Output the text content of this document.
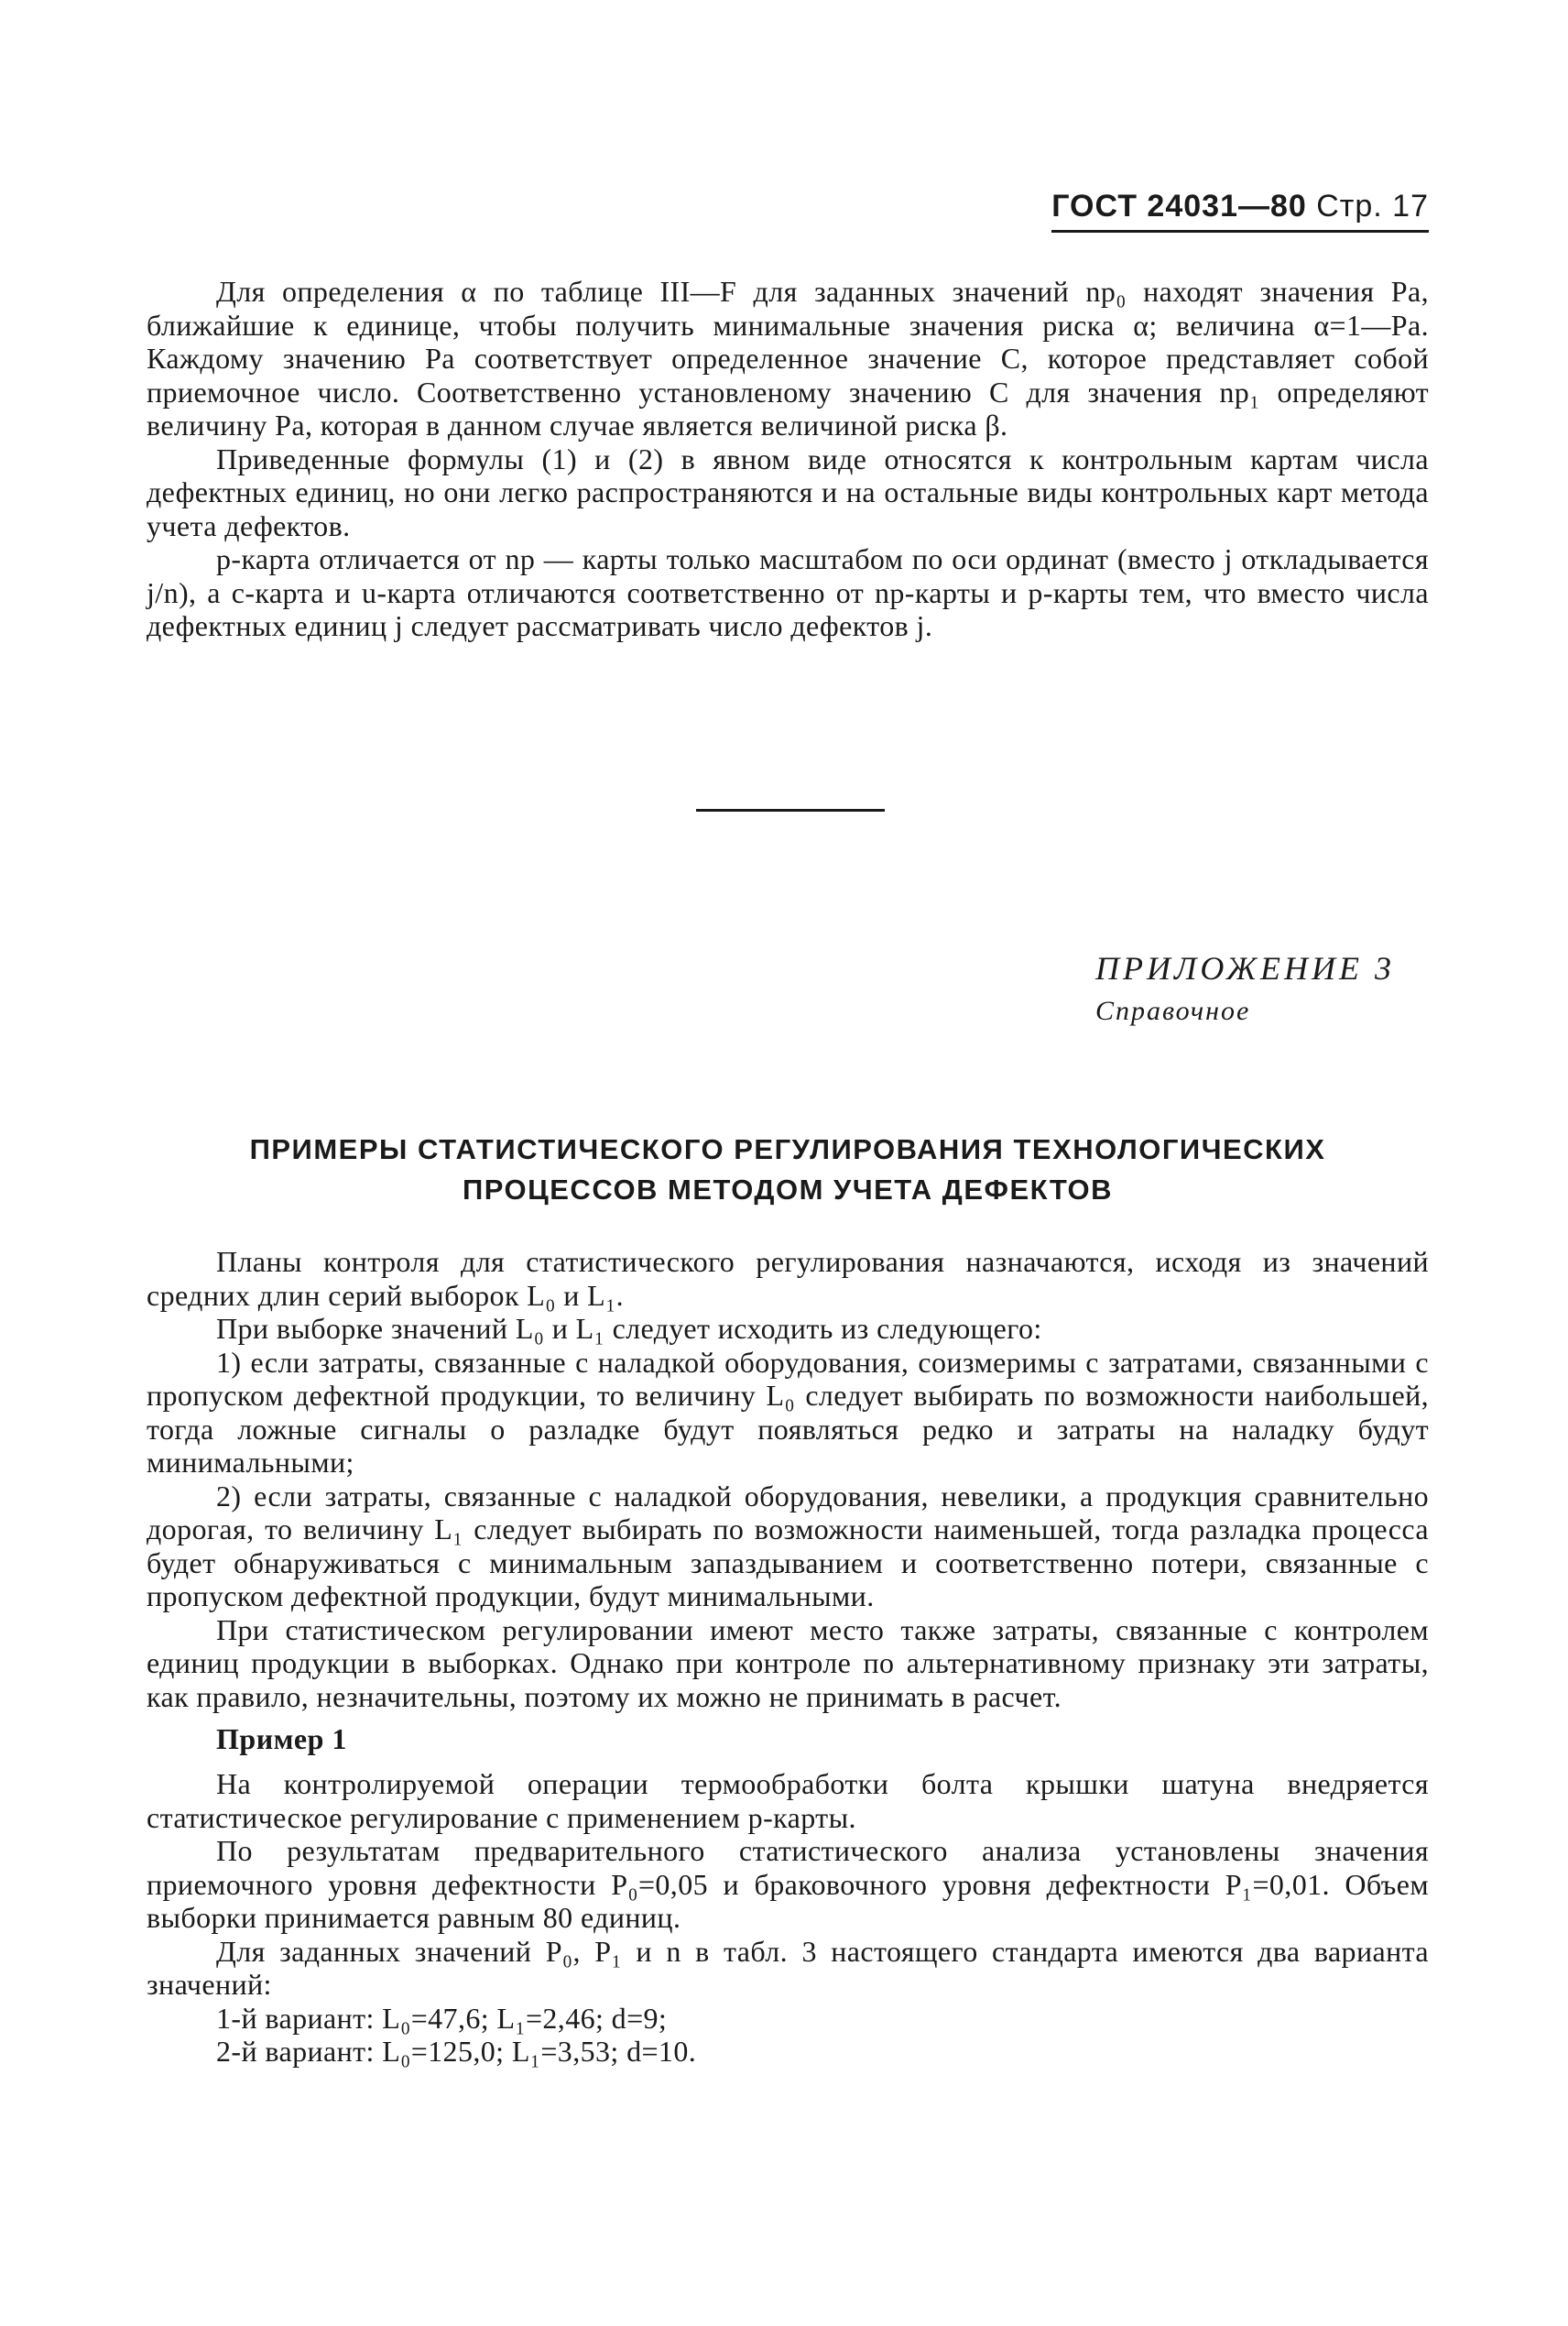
ГОСТ 24031—80 Стр. 17

Для определения α по таблице III—F для заданных значений np₀ находят значения Pa, ближайшие к единице, чтобы получить минимальные значения риска α; величина α=1—Pa. Каждому значению Pa соответствует определенное значение C, которое представляет собой приемочное число. Соответственно установленому значению C для значения np₁ определяют величину Pa, которая в данном случае является величиной риска β.

Приведенные формулы (1) и (2) в явном виде относятся к контрольным картам числа дефектных единиц, но они легко распространяются и на остальные виды контрольных карт метода учета дефектов.

p-карта отличается от np — карты только масштабом по оси ординат (вместо j откладывается j/n), а c-карта и u-карта отличаются соответственно от np-карты и p-карты тем, что вместо числа дефектных единиц j следует рассматривать число дефектов j.

ПРИЛОЖЕНИЕ 3
Справочное
ПРИМЕРЫ СТАТИСТИЧЕСКОГО РЕГУЛИРОВАНИЯ ТЕХНОЛОГИЧЕСКИХ
ПРОЦЕССОВ МЕТОДОМ УЧЕТА ДЕФЕКТОВ

Планы контроля для статистического регулирования назначаются, исходя из значений средних длин серий выборок L₀ и L₁.

При выборке значений L₀ и L₁ следует исходить из следующего:

1) если затраты, связанные с наладкой оборудования, соизмеримы с затратами, связанными с пропуском дефектной продукции, то величину L₀ следует выбирать по возможности наибольшей, тогда ложные сигналы о разладке будут появляться редко и затраты на наладку будут минимальными;

2) если затраты, связанные с наладкой оборудования, невелики, а продукция сравнительно дорогая, то величину L₁ следует выбирать по возможности наименьшей, тогда разладка процесса будет обнаруживаться с минимальным запаздыванием и соответственно потери, связанные с пропуском дефектной продукции, будут минимальными.

При статистическом регулировании имеют место также затраты, связанные с контролем единиц продукции в выборках. Однако при контроле по альтернативному признаку эти затраты, как правило, незначительны, поэтому их можно не принимать в расчет.

Пример 1

На контролируемой операции термообработки болта крышки шатуна внедряется статистическое регулирование с применением p-карты.

По результатам предварительного статистического анализа установлены значения приемочного уровня дефектности P₀=0,05 и браковочного уровня дефектности P₁=0,01. Объем выборки принимается равным 80 единиц.

Для заданных значений P₀, P₁ и n в табл. 3 настоящего стандарта имеются два варианта значений:

1-й вариант: L₀=47,6; L₁=2,46; d=9;

2-й вариант: L₀=125,0; L₁=3,53; d=10.
